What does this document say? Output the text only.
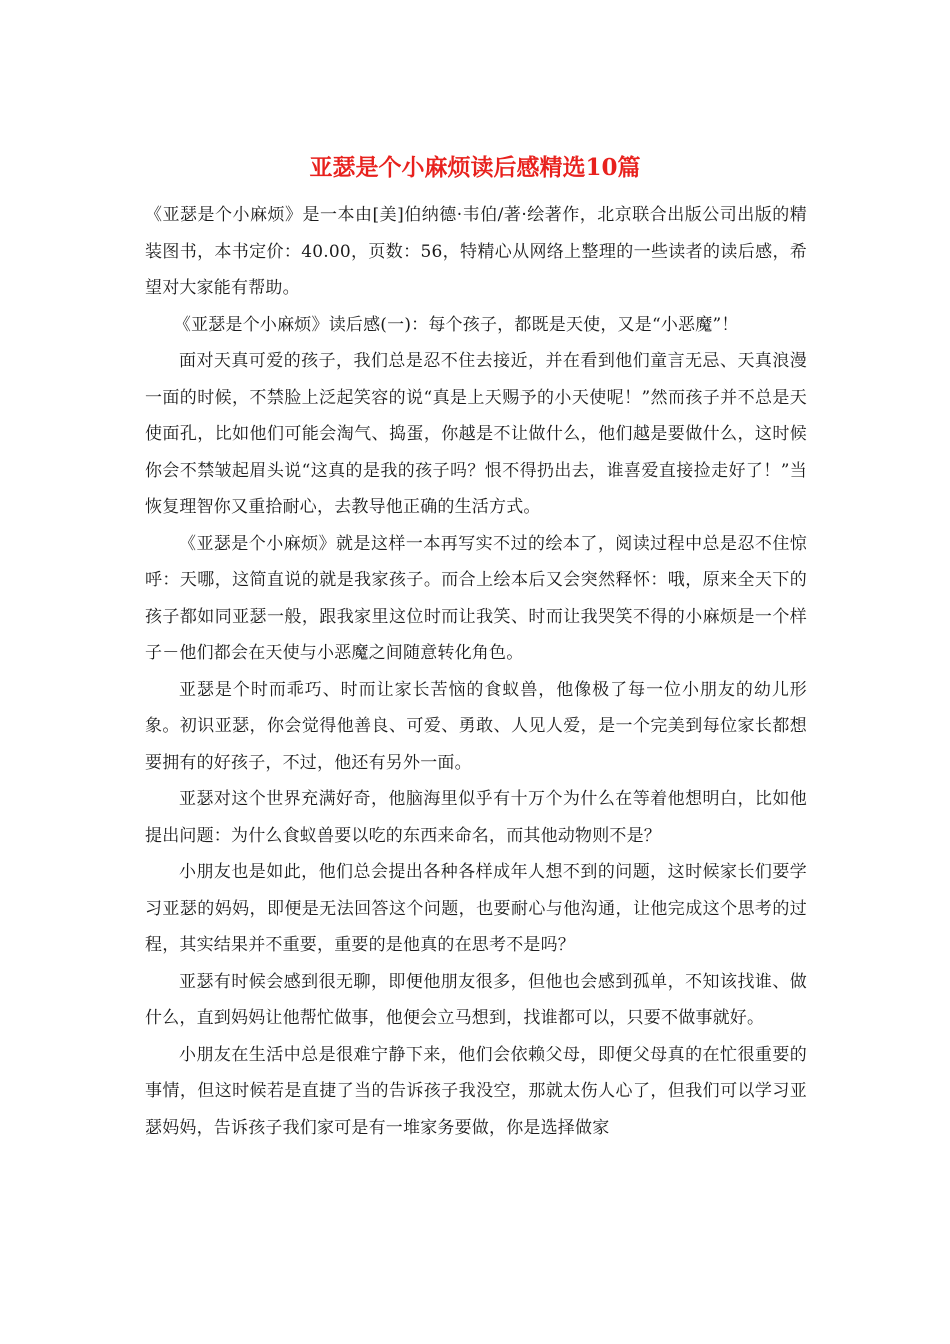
亚瑟是个小麻烦读后感精选10篇

《亚瑟是个小麻烦》是一本由[美]伯纳德·韦伯/著·绘著作，北京联合出版公司出版的精装图书，本书定价：40.00，页数：56，特精心从网络上整理的一些读者的读后感，希望对大家能有帮助。

《亚瑟是个小麻烦》读后感(一)：每个孩子，都既是天使，又是“小恶魔”！

面对天真可爱的孩子，我们总是忍不住去接近，并在看到他们童言无忌、天真浪漫一面的时候，不禁脸上泛起笑容的说“真是上天赐予的小天使呢！”然而孩子并不总是天使面孔，比如他们可能会淘气、捣蛋，你越是不让做什么，他们越是要做什么，这时候你会不禁皱起眉头说“这真的是我的孩子吗？恨不得扔出去，谁喜爱直接捡走好了！”当恢复理智你又重拾耐心，去教导他正确的生活方式。

《亚瑟是个小麻烦》就是这样一本再写实不过的绘本了，阅读过程中总是忍不住惊呼：天哪，这简直说的就是我家孩子。而合上绘本后又会突然释怀：哦，原来全天下的孩子都如同亚瑟一般，跟我家里这位时而让我笑、时而让我哭笑不得的小麻烦是一个样子－他们都会在天使与小恶魔之间随意转化角色。

亚瑟是个时而乖巧、时而让家长苦恼的食蚁兽，他像极了每一位小朋友的幼儿形象。初识亚瑟，你会觉得他善良、可爱、勇敢、人见人爱，是一个完美到每位家长都想要拥有的好孩子，不过，他还有另外一面。

亚瑟对这个世界充满好奇，他脑海里似乎有十万个为什么在等着他想明白，比如他提出问题：为什么食蚁兽要以吃的东西来命名，而其他动物则不是？

小朋友也是如此，他们总会提出各种各样成年人想不到的问题，这时候家长们要学习亚瑟的妈妈，即便是无法回答这个问题，也要耐心与他沟通，让他完成这个思考的过程，其实结果并不重要，重要的是他真的在思考不是吗？

亚瑟有时候会感到很无聊，即便他朋友很多，但他也会感到孤单，不知该找谁、做什么，直到妈妈让他帮忙做事，他便会立马想到，找谁都可以，只要不做事就好。

小朋友在生活中总是很难宁静下来，他们会依赖父母，即便父母真的在忙很重要的事情，但这时候若是直捷了当的告诉孩子我没空，那就太伤人心了，但我们可以学习亚瑟妈妈，告诉孩子我们家可是有一堆家务要做，你是选择做家
